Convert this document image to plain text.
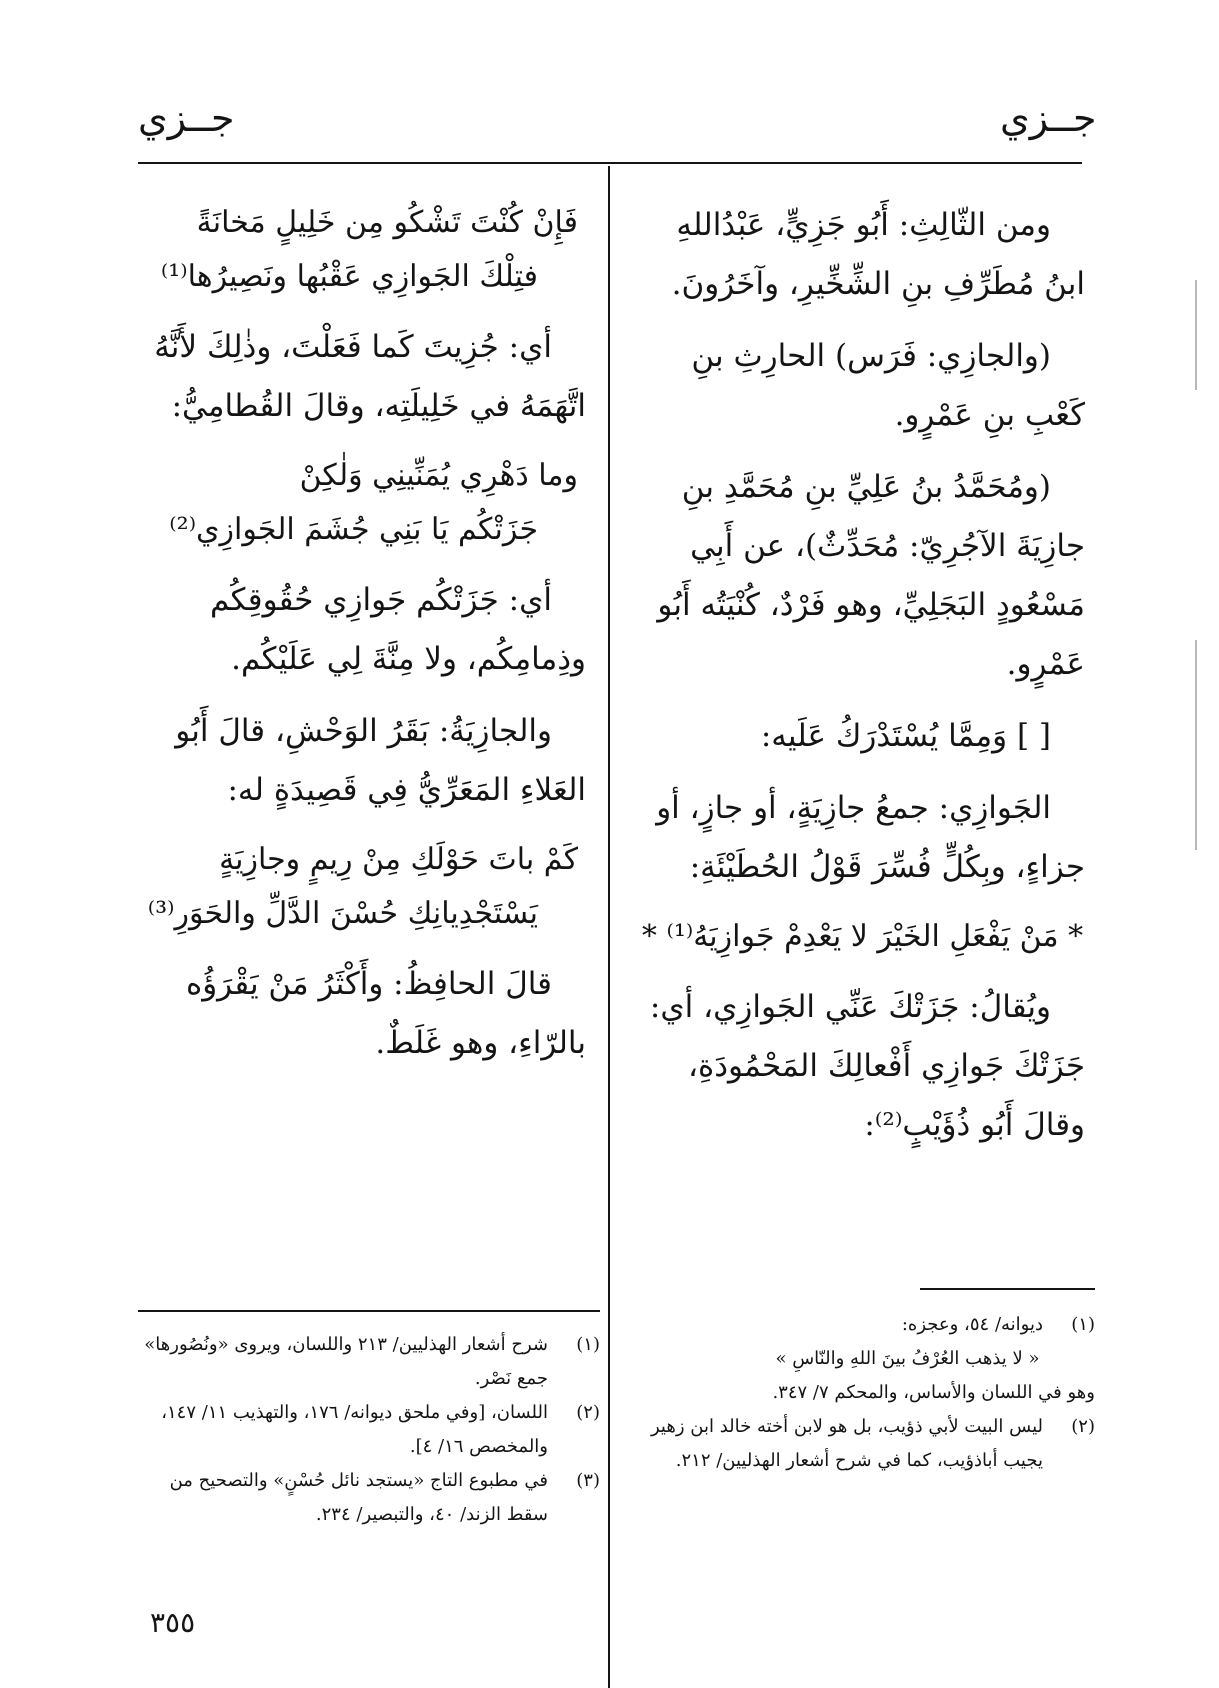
جــزي
جــزي

ومن الثّالِثِ: أَبُو جَزِيٍّ، عَبْدُاللهِ ابنُ مُطَرِّفِ بنِ الشِّخِّيرِ، وآخَرُونَ.

(والجازِي: فَرَس) الحارِثِ بنِ كَعْبِ بنِ عَمْرٍو.

(ومُحَمَّدُ بنُ عَلِيِّ بنِ مُحَمَّدِ بنِ جازِيَةَ الآجُرِيّ: مُحَدِّثٌ)، عن أَبِي مَسْعُودٍ البَجَلِيِّ، وهو فَرْدٌ، كُنْيَتُه أَبُو عَمْرٍو.

[ ] وَمِمَّا يُسْتَدْرَكُ عَلَيه:

الجَوازِي: جمعُ جازِيَةٍ، أو جازٍ، أو جزاءٍ، وبِكُلٍّ فُسِّرَ قَوْلُ الحُطَيْئَةِ:

* مَنْ يَفْعَلِ الخَيْرَ لا يَعْدِمْ جَوازِيَهُ⁽¹⁾ *

ويُقالُ: جَزَتْكَ عَنِّي الجَوازِي، أي: جَزَتْكَ جَوازِي أَفْعالِكَ المَحْمُودَةِ، وقالَ أَبُو ذُؤَيْبٍ⁽²⁾:

فَإِنْ كُنْتَ تَشْكُو مِن خَلِيلٍ مَخانَةً
فتِلْكَ الجَوازِي عَقْبُها ونَصِيرُها⁽¹⁾

أي: جُزِيتَ كَما فَعَلْتَ، وذٰلِكَ لأَنَّهُ اتَّهَمَهُ في خَلِيلَتِه، وقالَ القُطامِيُّ:

وما دَهْرِي يُمَنِّينِي وَلٰكِنْ
جَزَتْكُم يَا بَنِي جُشَمَ الجَوازِي⁽²⁾

أي: جَزَتْكُم جَوازِي حُقُوقِكُم وذِمامِكُم، ولا مِنَّةَ لِي عَلَيْكُم.

والجازِيَةُ: بَقَرُ الوَحْشِ، قالَ أَبُو العَلاءِ المَعَرِّيُّ فِي قَصِيدَةٍ له:

كَمْ باتَ حَوْلَكِ مِنْ رِيمٍ وجازِيَةٍ
يَسْتَجْدِيانِكِ حُسْنَ الدَّلِّ والحَوَرِ⁽³⁾

قالَ الحافِظُ: وأَكْثَرُ مَنْ يَقْرَؤُه بالرّاءِ، وهو غَلَطٌ.

(١)
ديوانه/ ٥٤، وعجزه:

« لا يذهب العُرْفُ بينَ اللهِ والنّاسِ »

وهو في اللسان والأساس، والمحكم ٧/ ٣٤٧.

(٢)
ليس البيت لأبي ذؤيب، بل هو لابن أخته خالد ابن زهير يجيب أباذؤيب، كما في شرح أشعار الهذليين/ ٢١٢.

(١)
شرح أشعار الهذليين/ ٢١٣ واللسان، ويروى «ونُصُورها» جمع نَصْر.

(٢)
اللسان، [وفي ملحق ديوانه/ ١٧٦، والتهذيب ١١/ ١٤٧، والمخصص ١٦/ ٤].

(٣)
في مطبوع التاج «يستجد نائل حُسْنٍ» والتصحيح من سقط الزند/ ٤٠، والتبصير/ ٢٣٤.

٣٥٥
